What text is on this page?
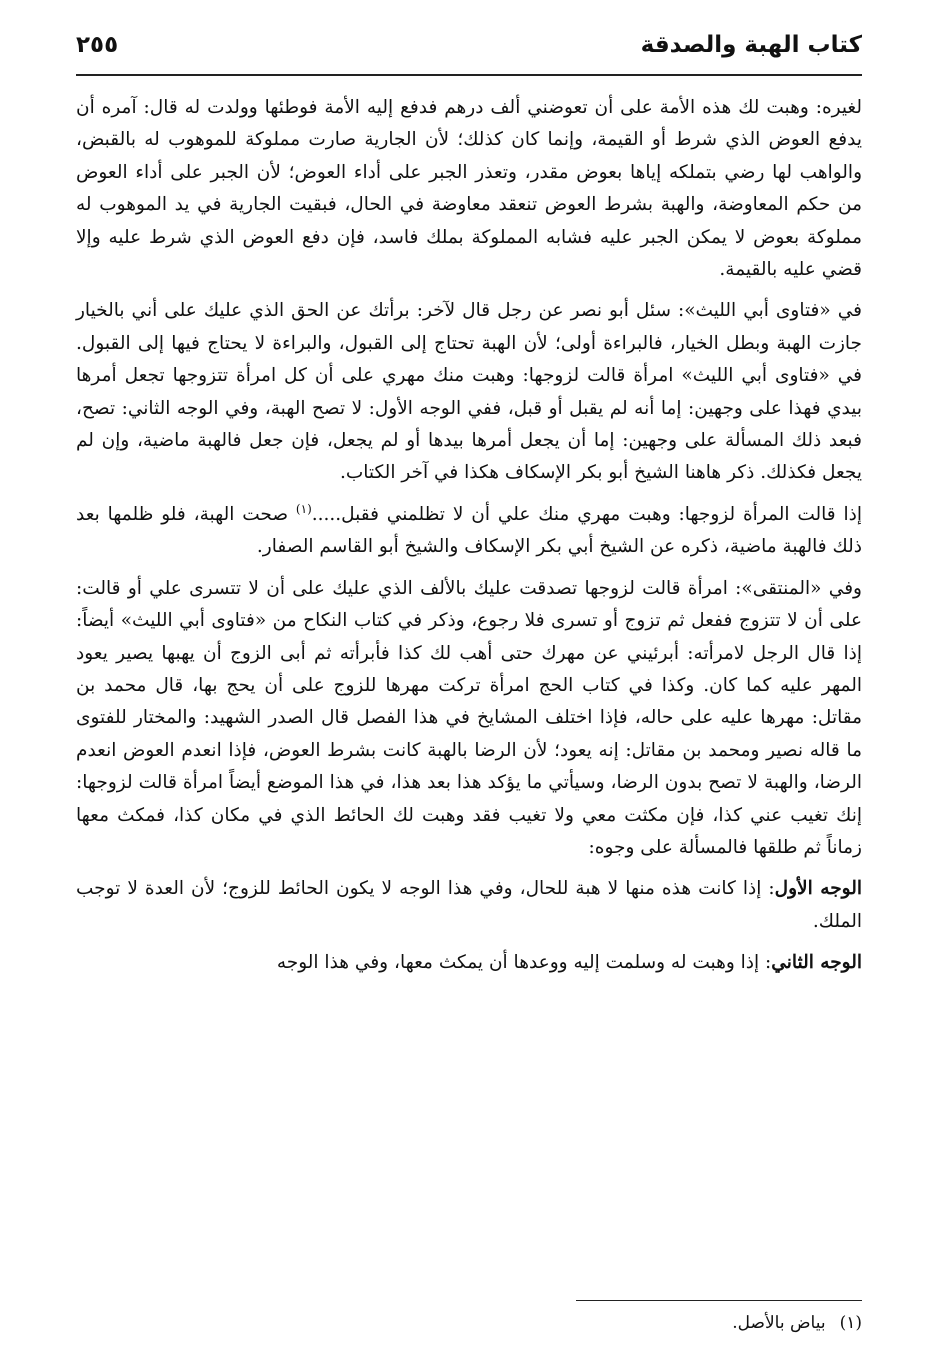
كتاب الهبة والصدقة
٢٥٥

لغيره: وهبت لك هذه الأمة على أن تعوضني ألف درهم فدفع إليه الأمة فوطئها وولدت له قال: آمره أن يدفع العوض الذي شرط أو القيمة، وإنما كان كذلك؛ لأن الجارية صارت مملوكة للموهوب له بالقبض، والواهب لها رضي بتملكه إياها بعوض مقدر، وتعذر الجبر على أداء العوض؛ لأن الجبر على أداء العوض من حكم المعاوضة، والهبة بشرط العوض تنعقد معاوضة في الحال، فبقيت الجارية في يد الموهوب له مملوكة بعوض لا يمكن الجبر عليه فشابه المملوكة بملك فاسد، فإن دفع العوض الذي شرط عليه وإلا قضي عليه بالقيمة.

في «فتاوى أبي الليث»: سئل أبو نصر عن رجل قال لآخر: برأتك عن الحق الذي عليك على أني بالخيار جازت الهبة وبطل الخيار، فالبراءة أولى؛ لأن الهبة تحتاج إلى القبول، والبراءة لا يحتاج فيها إلى القبول. في «فتاوى أبي الليث» امرأة قالت لزوجها: وهبت منك مهري على أن كل امرأة تتزوجها تجعل أمرها بيدي فهذا على وجهين: إما أنه لم يقبل أو قبل، ففي الوجه الأول: لا تصح الهبة، وفي الوجه الثاني: تصح، فبعد ذلك المسألة على وجهين: إما أن يجعل أمرها بيدها أو لم يجعل، فإن جعل فالهبة ماضية، وإن لم يجعل فكذلك. ذكر هاهنا الشيخ أبو بكر الإسكاف هكذا في آخر الكتاب.

إذا قالت المرأة لزوجها: وهبت مهري منك علي أن لا تظلمني فقبل.....$^{(١)}$ صحت الهبة، فلو ظلمها بعد ذلك فالهبة ماضية، ذكره عن الشيخ أبي بكر الإسكاف والشيخ أبو القاسم الصفار.

وفي «المنتقى»: امرأة قالت لزوجها تصدقت عليك بالألف الذي عليك على أن لا تتسرى علي أو قالت: على أن لا تتزوج ففعل ثم تزوج أو تسرى فلا رجوع، وذكر في كتاب النكاح من «فتاوى أبي الليث» أيضاً: إذا قال الرجل لامرأته: أبرئيني عن مهرك حتى أهب لك كذا فأبرأته ثم أبى الزوج أن يهبها يصير يعود المهر عليه كما كان. وكذا في كتاب الحج امرأة تركت مهرها للزوج على أن يحج بها، قال محمد بن مقاتل: مهرها عليه على حاله، فإذا اختلف المشايخ في هذا الفصل قال الصدر الشهيد: والمختار للفتوى ما قاله نصير ومحمد بن مقاتل: إنه يعود؛ لأن الرضا بالهبة كانت بشرط العوض، فإذا انعدم العوض انعدم الرضا، والهبة لا تصح بدون الرضا، وسيأتي ما يؤكد هذا بعد هذا، في هذا الموضع أيضاً امرأة قالت لزوجها: إنك تغيب عني كذا، فإن مكثت معي ولا تغيب فقد وهبت لك الحائط الذي في مكان كذا، فمكث معها زماناً ثم طلقها فالمسألة على وجوه:

الوجه الأول: إذا كانت هذه منها لا هبة للحال، وفي هذا الوجه لا يكون الحائط للزوج؛ لأن العدة لا توجب الملك.

الوجه الثاني: إذا وهبت له وسلمت إليه ووعدها أن يمكث معها، وفي هذا الوجه

(١)بياض بالأصل.
